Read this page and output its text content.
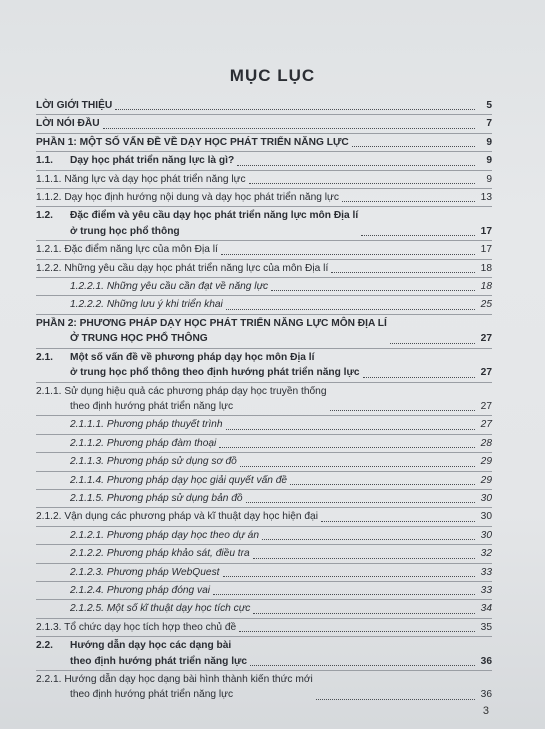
MỤC LỤC
LỜI GIỚI THIỆU	5
LỜI NÓI ĐẦU	7
PHẦN 1: MỘT SỐ VẤN ĐỀ VỀ DẠY HỌC PHÁT TRIỂN NĂNG LỰC	9
1.1. Dạy học phát triển năng lực là gì?	9
1.1.1. Năng lực và dạy học phát triển năng lực	9
1.1.2. Dạy học định hướng nội dung và dạy học phát triển năng lực	13
1.2. Đặc điểm và yêu cầu dạy học phát triển năng lực môn Địa lí
ở trung học phổ thông	17
1.2.1. Đặc điểm năng lực của môn Địa lí	17
1.2.2. Những yêu cầu dạy học phát triển năng lực của môn Địa lí	18
1.2.2.1. Những yêu cầu cần đạt về năng lực	18
1.2.2.2. Những lưu ý khi triển khai	25
PHẦN 2: PHƯƠNG PHÁP DẠY HỌC PHÁT TRIỂN NĂNG LỰC MÔN ĐỊA LÍ
Ở TRUNG HỌC PHỔ THÔNG	27
2.1. Một số vấn đề về phương pháp dạy học môn Địa lí
ở trung học phổ thông theo định hướng phát triển năng lực	27
2.1.1. Sử dụng hiệu quả các phương pháp dạy học truyền thống
theo định hướng phát triển năng lực	27
2.1.1.1. Phương pháp thuyết trình	27
2.1.1.2. Phương pháp đàm thoại	28
2.1.1.3. Phương pháp sử dụng sơ đồ	29
2.1.1.4. Phương pháp dạy học giải quyết vấn đề	29
2.1.1.5. Phương pháp sử dụng bản đồ	30
2.1.2. Vận dụng các phương pháp và kĩ thuật dạy học hiện đại	30
2.1.2.1. Phương pháp dạy học theo dự án	30
2.1.2.2. Phương pháp khảo sát, điều tra	32
2.1.2.3. Phương pháp WebQuest	33
2.1.2.4. Phương pháp đóng vai	33
2.1.2.5. Một số kĩ thuật dạy học tích cực	34
2.1.3. Tổ chức dạy học tích hợp theo chủ đề	35
2.2. Hướng dẫn dạy học các dạng bài
theo định hướng phát triển năng lực	36
2.2.1. Hướng dẫn dạy học dạng bài hình thành kiến thức mới
theo định hướng phát triển năng lực	36
3
